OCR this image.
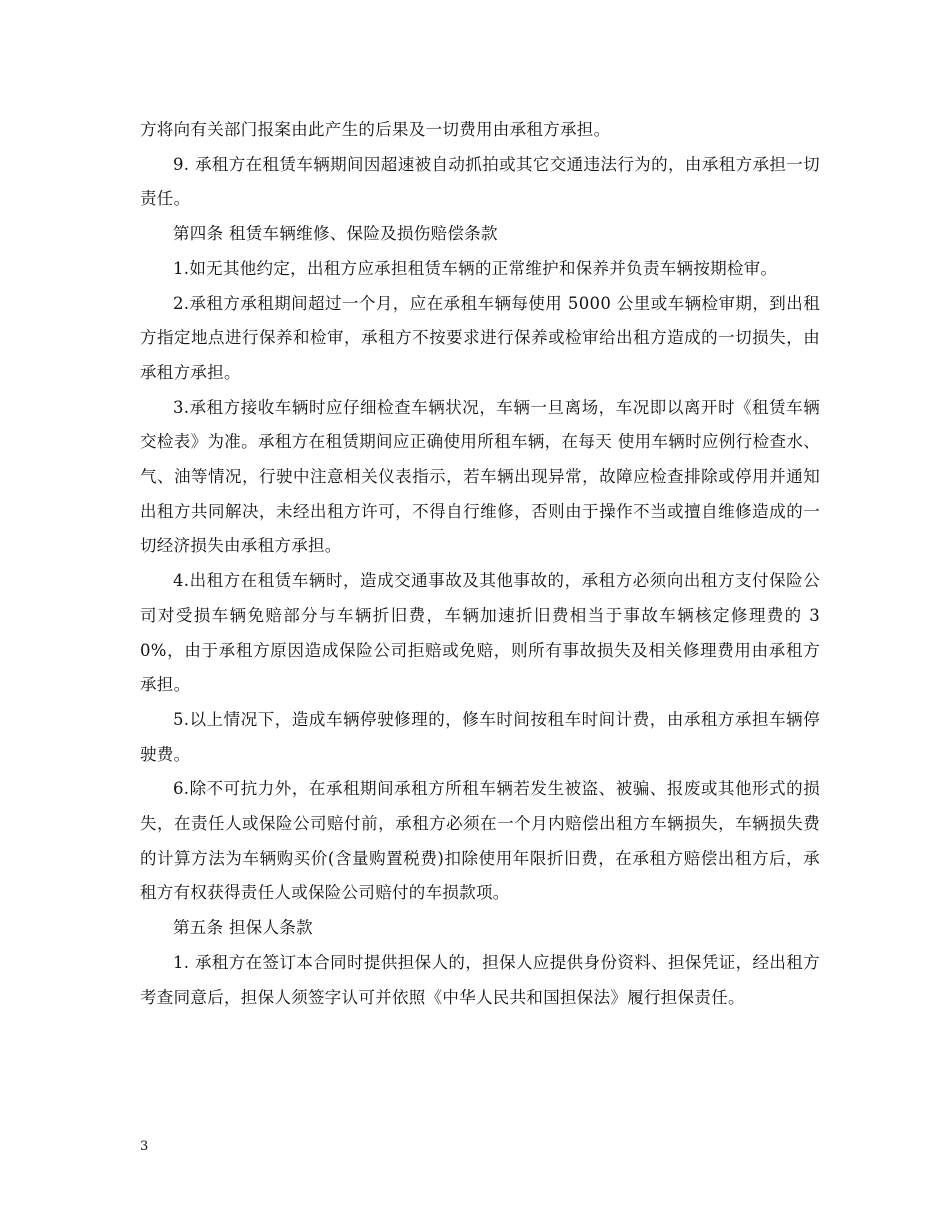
方将向有关部门报案由此产生的后果及一切费用由承租方承担。

9. 承租方在租赁车辆期间因超速被自动抓拍或其它交通违法行为的，由承租方承担一切责任。

第四条 租赁车辆维修、保险及损伤赔偿条款

1.如无其他约定，出租方应承担租赁车辆的正常维护和保养并负责车辆按期检审。

2.承租方承租期间超过一个月，应在承租车辆每使用 5000 公里或车辆检审期，到出租方指定地点进行保养和检审，承租方不按要求进行保养或检审给出租方造成的一切损失，由承租方承担。

3.承租方接收车辆时应仔细检查车辆状况，车辆一旦离场，车况即以离开时《租赁车辆交检表》为准。承租方在租赁期间应正确使用所租车辆，在每天 使用车辆时应例行检查水、气、油等情况，行驶中注意相关仪表指示，若车辆出现异常，故障应检查排除或停用并通知出租方共同解决，未经出租方许可，不得自行维修，否则由于操作不当或擅自维修造成的一切经济损失由承租方承担。

4.出租方在租赁车辆时，造成交通事故及其他事故的，承租方必须向出租方支付保险公司对受损车辆免赔部分与车辆折旧费，车辆加速折旧费相当于事故车辆核定修理费的 30%，由于承租方原因造成保险公司拒赔或免赔，则所有事故损失及相关修理费用由承租方承担。

5.以上情况下，造成车辆停驶修理的，修车时间按租车时间计费，由承租方承担车辆停驶费。

6.除不可抗力外，在承租期间承租方所租车辆若发生被盗、被骗、报废或其他形式的损失，在责任人或保险公司赔付前，承租方必须在一个月内赔偿出租方车辆损失，车辆损失费的计算方法为车辆购买价(含量购置税费)扣除使用年限折旧费，在承租方赔偿出租方后，承租方有权获得责任人或保险公司赔付的车损款项。

第五条 担保人条款

1. 承租方在签订本合同时提供担保人的，担保人应提供身份资料、担保凭证，经出租方考查同意后，担保人须签字认可并依照《中华人民共和国担保法》履行担保责任。

3
